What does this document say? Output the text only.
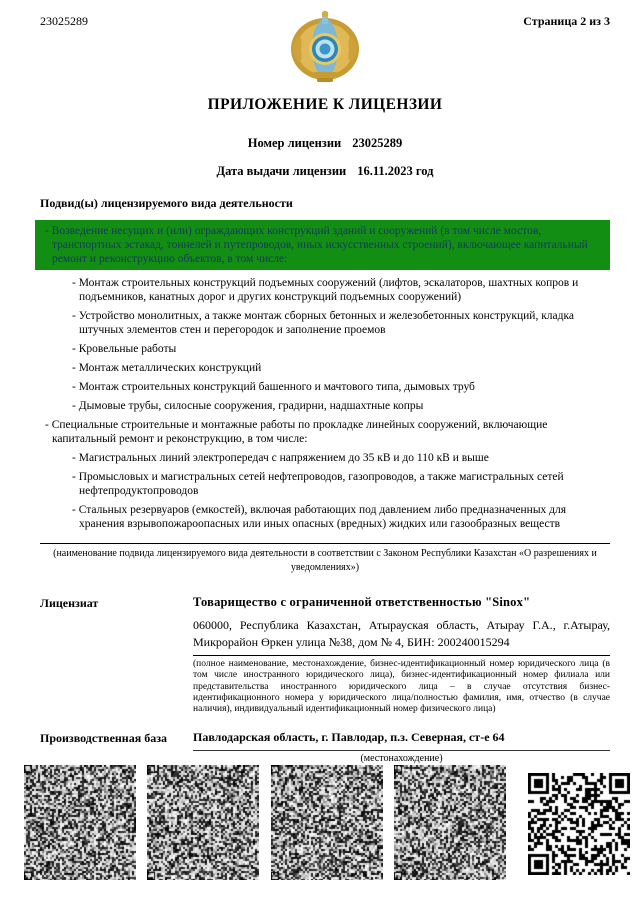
23025289	Страница 2 из 3
ПРИЛОЖЕНИЕ К ЛИЦЕНЗИИ
Номер лицензии 23025289
Дата выдачи лицензии 16.11.2023 год
Подвид(ы) лицензируемого вида деятельности
- Возведение несущих и (или) ограждающих конструкций зданий и сооружений (в том числе мостов, транспортных эстакад, тоннелей и путепроводов, иных искусственных строений), включающее капитальный ремонт и реконструкцию объектов, в том числе:
- Монтаж строительных конструкций подъемных сооружений (лифтов, эскалаторов, шахтных копров и подъемников, канатных дорог и других конструкций подъемных сооружений)
- Устройство монолитных, а также монтаж сборных бетонных и железобетонных конструкций, кладка штучных элементов стен и перегородок и заполнение проемов
- Кровельные работы
- Монтаж металлических конструкций
- Монтаж строительных конструкций башенного и мачтового типа, дымовых труб
- Дымовые трубы, силосные сооружения, градирни, надшахтные копры
- Специальные строительные и монтажные работы по прокладке линейных сооружений, включающие капитальный ремонт и реконструкцию, в том числе:
- Магистральных линий электропередач с напряжением до 35 кВ и до 110 кВ и выше
- Промысловых и магистральных сетей нефтепроводов, газопроводов, а также магистральных сетей нефтепродуктопроводов
- Стальных резервуаров (емкостей), включая работающих под давлением либо предназначенных для хранения взрывопожароопасных или иных опасных (вредных) жидких или газообразных веществ
(наименование подвида лицензируемого вида деятельности в соответствии с Законом Республики Казахстан «О разрешениях и уведомлениях»)
Лицензиат	Товарищество с ограниченной ответственностью "Sinox"
060000, Республика Казахстан, Атырауская область, Атырау Г.А., г.Атырау, Микрорайон Өркен улица №38, дом № 4, БИН: 200240015294
(полное наименование, местонахождение, бизнес-идентификационный номер юридического лица (в том числе иностранного юридического лица), бизнес-идентификационный номер филиала или представительства иностранного юридического лица – в случае отсутствия бизнес-идентификационного номера у юридического лица/полностью фамилия, имя, отчество (в случае наличия), индивидуальный идентификационный номер физического лица)
Производственная база	Павлодарская область, г. Павлодар, п.з. Северная, ст-е 64
(местонахождение)
